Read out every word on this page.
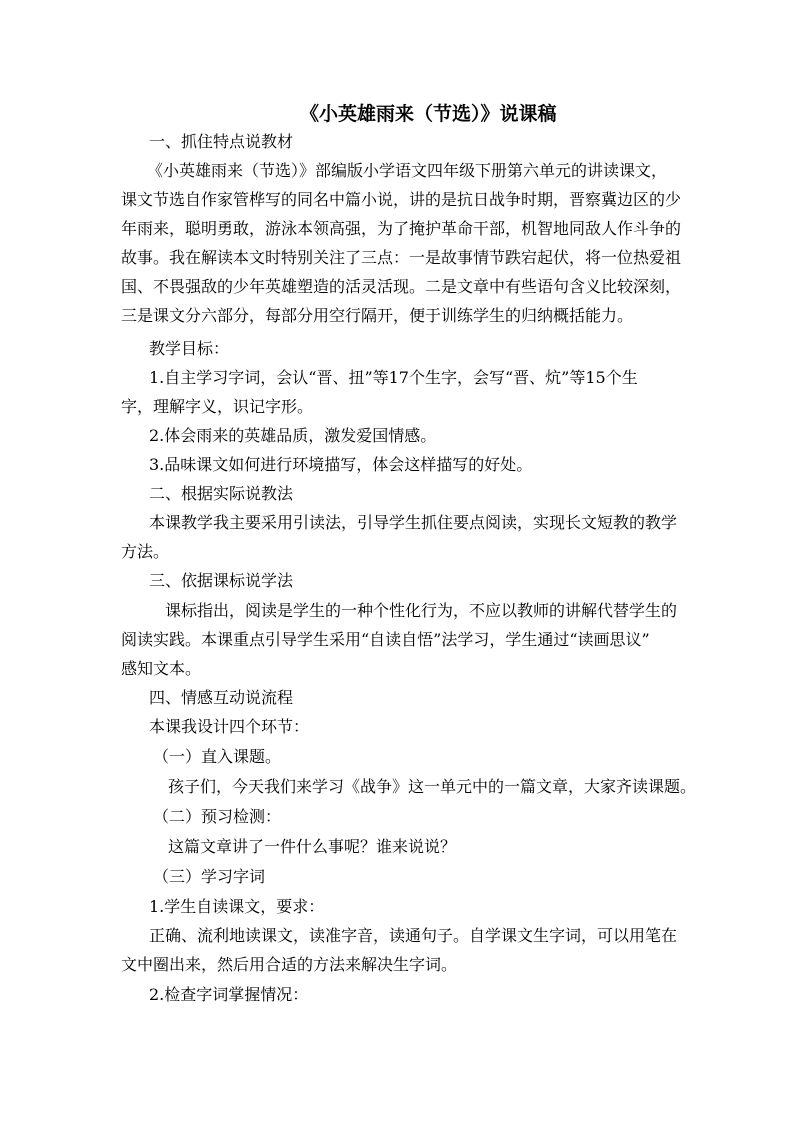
《小英雄雨来（节选）》说课稿
一、抓住特点说教材
《小英雄雨来（节选）》部编版小学语文四年级下册第六单元的讲读课文，
课文节选自作家管桦写的同名中篇小说，讲的是抗日战争时期，晋察冀边区的少
年雨来，聪明勇敢，游泳本领高强，为了掩护革命干部，机智地同敌人作斗争的
故事。我在解读本文时特别关注了三点：一是故事情节跌宕起伏，将一位热爱祖
国、不畏强敌的少年英雄塑造的活灵活现。二是文章中有些语句含义比较深刻，
三是课文分六部分，每部分用空行隔开，便于训练学生的归纳概括能力。
教学目标：
1.自主学习字词，会认“晋、扭”等17个生字，会写“晋、炕”等15个生
字，理解字义，识记字形。
2.体会雨来的英雄品质，激发爱国情感。
3.品味课文如何进行环境描写，体会这样描写的好处。
二、根据实际说教法
本课教学我主要采用引读法，引导学生抓住要点阅读，实现长文短教的教学
方法。
三、依据课标说学法
课标指出，阅读是学生的一种个性化行为，不应以教师的讲解代替学生的
阅读实践。本课重点引导学生采用“自读自悟”法学习，学生通过“读画思议”
感知文本。
四、情感互动说流程
本课我设计四个环节：
（一）直入课题。
孩子们，今天我们来学习《战争》这一单元中的一篇文章，大家齐读课题。
（二）预习检测：
这篇文章讲了一件什么事呢？谁来说说？
（三）学习字词
1.学生自读课文，要求：
正确、流利地读课文，读准字音，读通句子。自学课文生字词，可以用笔在
文中圈出来，然后用合适的方法来解决生字词。
2.检查字词掌握情况：
